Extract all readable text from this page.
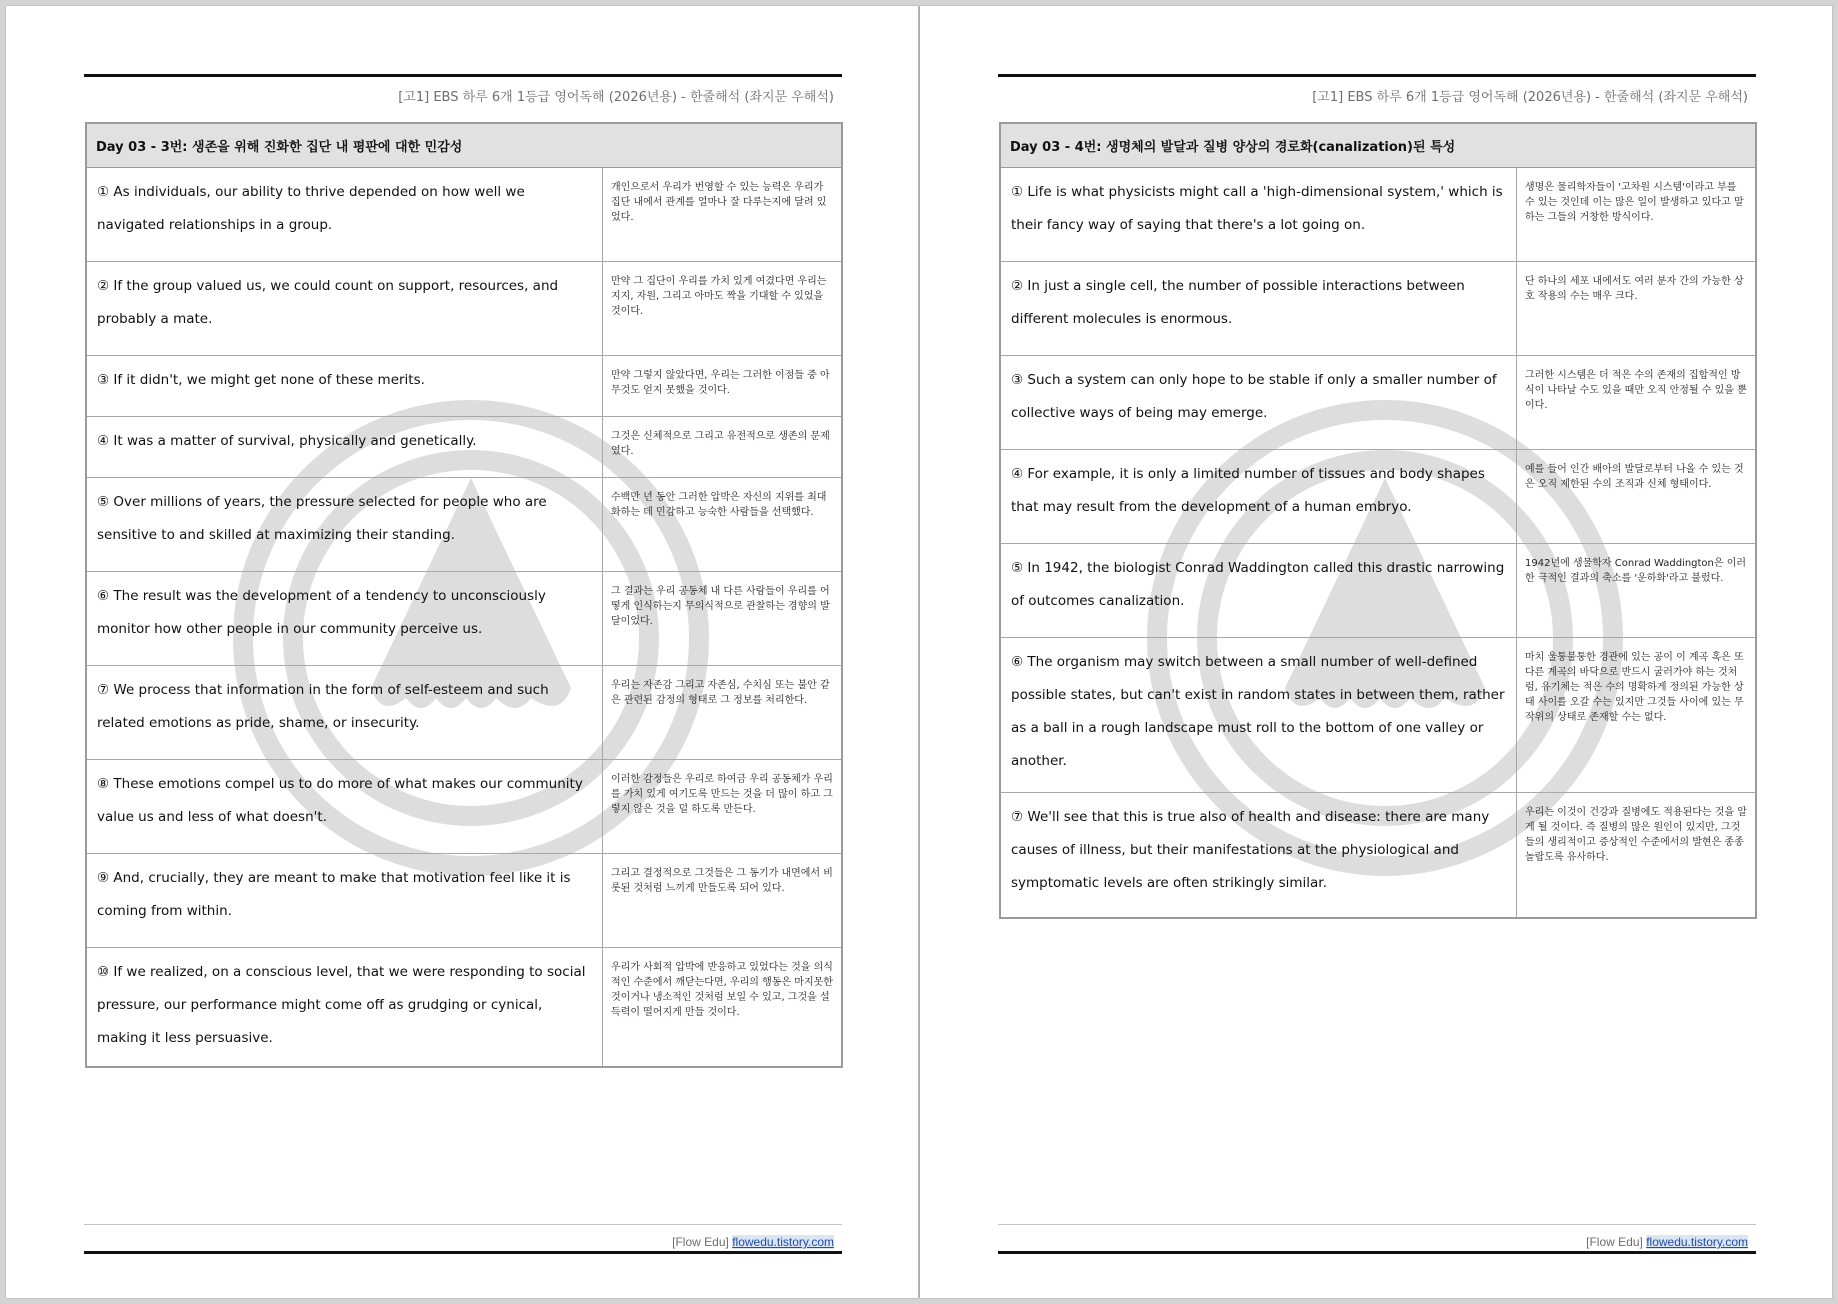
[고1] EBS 하루 6개 1등급 영어독해 (2026년용) - 한줄해석 (좌지문 우해석)
Day 03 - 3번: 생존을 위해 진화한 집단 내 평판에 대한 민감성	
① As individuals, our ability to thrive depended on how well we navigated relationships in a group.	개인으로서 우리가 번영할 수 있는 능력은 우리가 집단 내에서 관계를 얼마나 잘 다루는지에 달려 있었다.
② If the group valued us, we could count on support, resources, and probably a mate.	만약 그 집단이 우리를 가치 있게 여겼다면 우리는 지지, 자원, 그리고 아마도 짝을 기대할 수 있었을 것이다.
③ If it didn't, we might get none of these merits.	만약 그렇지 않았다면, 우리는 그러한 이점들 중 아무것도 얻지 못했을 것이다.
④ It was a matter of survival, physically and genetically.	그것은 신체적으로 그리고 유전적으로 생존의 문제였다.
⑤ Over millions of years, the pressure selected for people who are sensitive to and skilled at maximizing their standing.	수백만 년 동안 그러한 압박은 자신의 지위를 최대화하는 데 민감하고 능숙한 사람들을 선택했다.
⑥ The result was the development of a tendency to unconsciously monitor how other people in our community perceive us.	그 결과는 우리 공동체 내 다른 사람들이 우리를 어떻게 인식하는지 무의식적으로 관찰하는 경향의 발달이었다.
⑦ We process that information in the form of self-esteem and such related emotions as pride, shame, or insecurity.	우리는 자존감 그리고 자존심, 수치심 또는 불안 같은 관련된 감정의 형태로 그 정보를 처리한다.
⑧ These emotions compel us to do more of what makes our community value us and less of what doesn't.	이러한 감정들은 우리로 하여금 우리 공동체가 우리를 가치 있게 여기도록 만드는 것을 더 많이 하고 그렇지 않은 것을 덜 하도록 만든다.
⑨ And, crucially, they are meant to make that motivation feel like it is coming from within.	그리고 결정적으로 그것들은 그 동기가 내면에서 비롯된 것처럼 느끼게 만들도록 되어 있다.
⑩ If we realized, on a conscious level, that we were responding to social pressure, our performance might come off as grudging or cynical, making it less persuasive.	우리가 사회적 압박에 반응하고 있었다는 것을 의식적인 수준에서 깨닫는다면, 우리의 행동은 마지못한 것이거나 냉소적인 것처럼 보일 수 있고, 그것을 설득력이 떨어지게 만들 것이다.
[Flow Edu] flowedu.tistory.com
[고1] EBS 하루 6개 1등급 영어독해 (2026년용) - 한줄해석 (좌지문 우해석)
Day 03 - 4번: 생명체의 발달과 질병 양상의 경로화(canalization)된 특성	
① Life is what physicists might call a 'high-dimensional system,' which is their fancy way of saying that there's a lot going on.	생명은 물리학자들이 '고차원 시스템'이라고 부를 수 있는 것인데 이는 많은 일이 발생하고 있다고 말하는 그들의 거창한 방식이다.
② In just a single cell, the number of possible interactions between different molecules is enormous.	단 하나의 세포 내에서도 여러 분자 간의 가능한 상호 작용의 수는 매우 크다.
③ Such a system can only hope to be stable if only a smaller number of collective ways of being may emerge.	그러한 시스템은 더 적은 수의 존재의 집합적인 방식이 나타날 수도 있을 때만 오직 안정될 수 있을 뿐이다.
④ For example, it is only a limited number of tissues and body shapes that may result from the development of a human embryo.	예를 들어 인간 배아의 발달로부터 나올 수 있는 것은 오직 제한된 수의 조직과 신체 형태이다.
⑤ In 1942, the biologist Conrad Waddington called this drastic narrowing of outcomes canalization.	1942년에 생물학자 Conrad Waddington은 이러한 극적인 결과의 축소를 '운하화'라고 불렀다.
⑥ The organism may switch between a small number of well-defined possible states, but can't exist in random states in between them, rather as a ball in a rough landscape must roll to the bottom of one valley or another.	마치 울퉁불퉁한 경관에 있는 공이 이 계곡 혹은 또 다른 계곡의 바닥으로 반드시 굴러가야 하는 것처럼, 유기체는 적은 수의 명확하게 정의된 가능한 상태 사이를 오갈 수는 있지만 그것들 사이에 있는 무작위의 상태로 존재할 수는 없다.
⑦ We'll see that this is true also of health and disease: there are many causes of illness, but their manifestations at the physiological and symptomatic levels are often strikingly similar.	우리는 이것이 건강과 질병에도 적용된다는 것을 알게 될 것이다. 즉 질병의 많은 원인이 있지만, 그것들의 생리적이고 증상적인 수준에서의 발현은 종종 놀랍도록 유사하다.
[Flow Edu] flowedu.tistory.com
